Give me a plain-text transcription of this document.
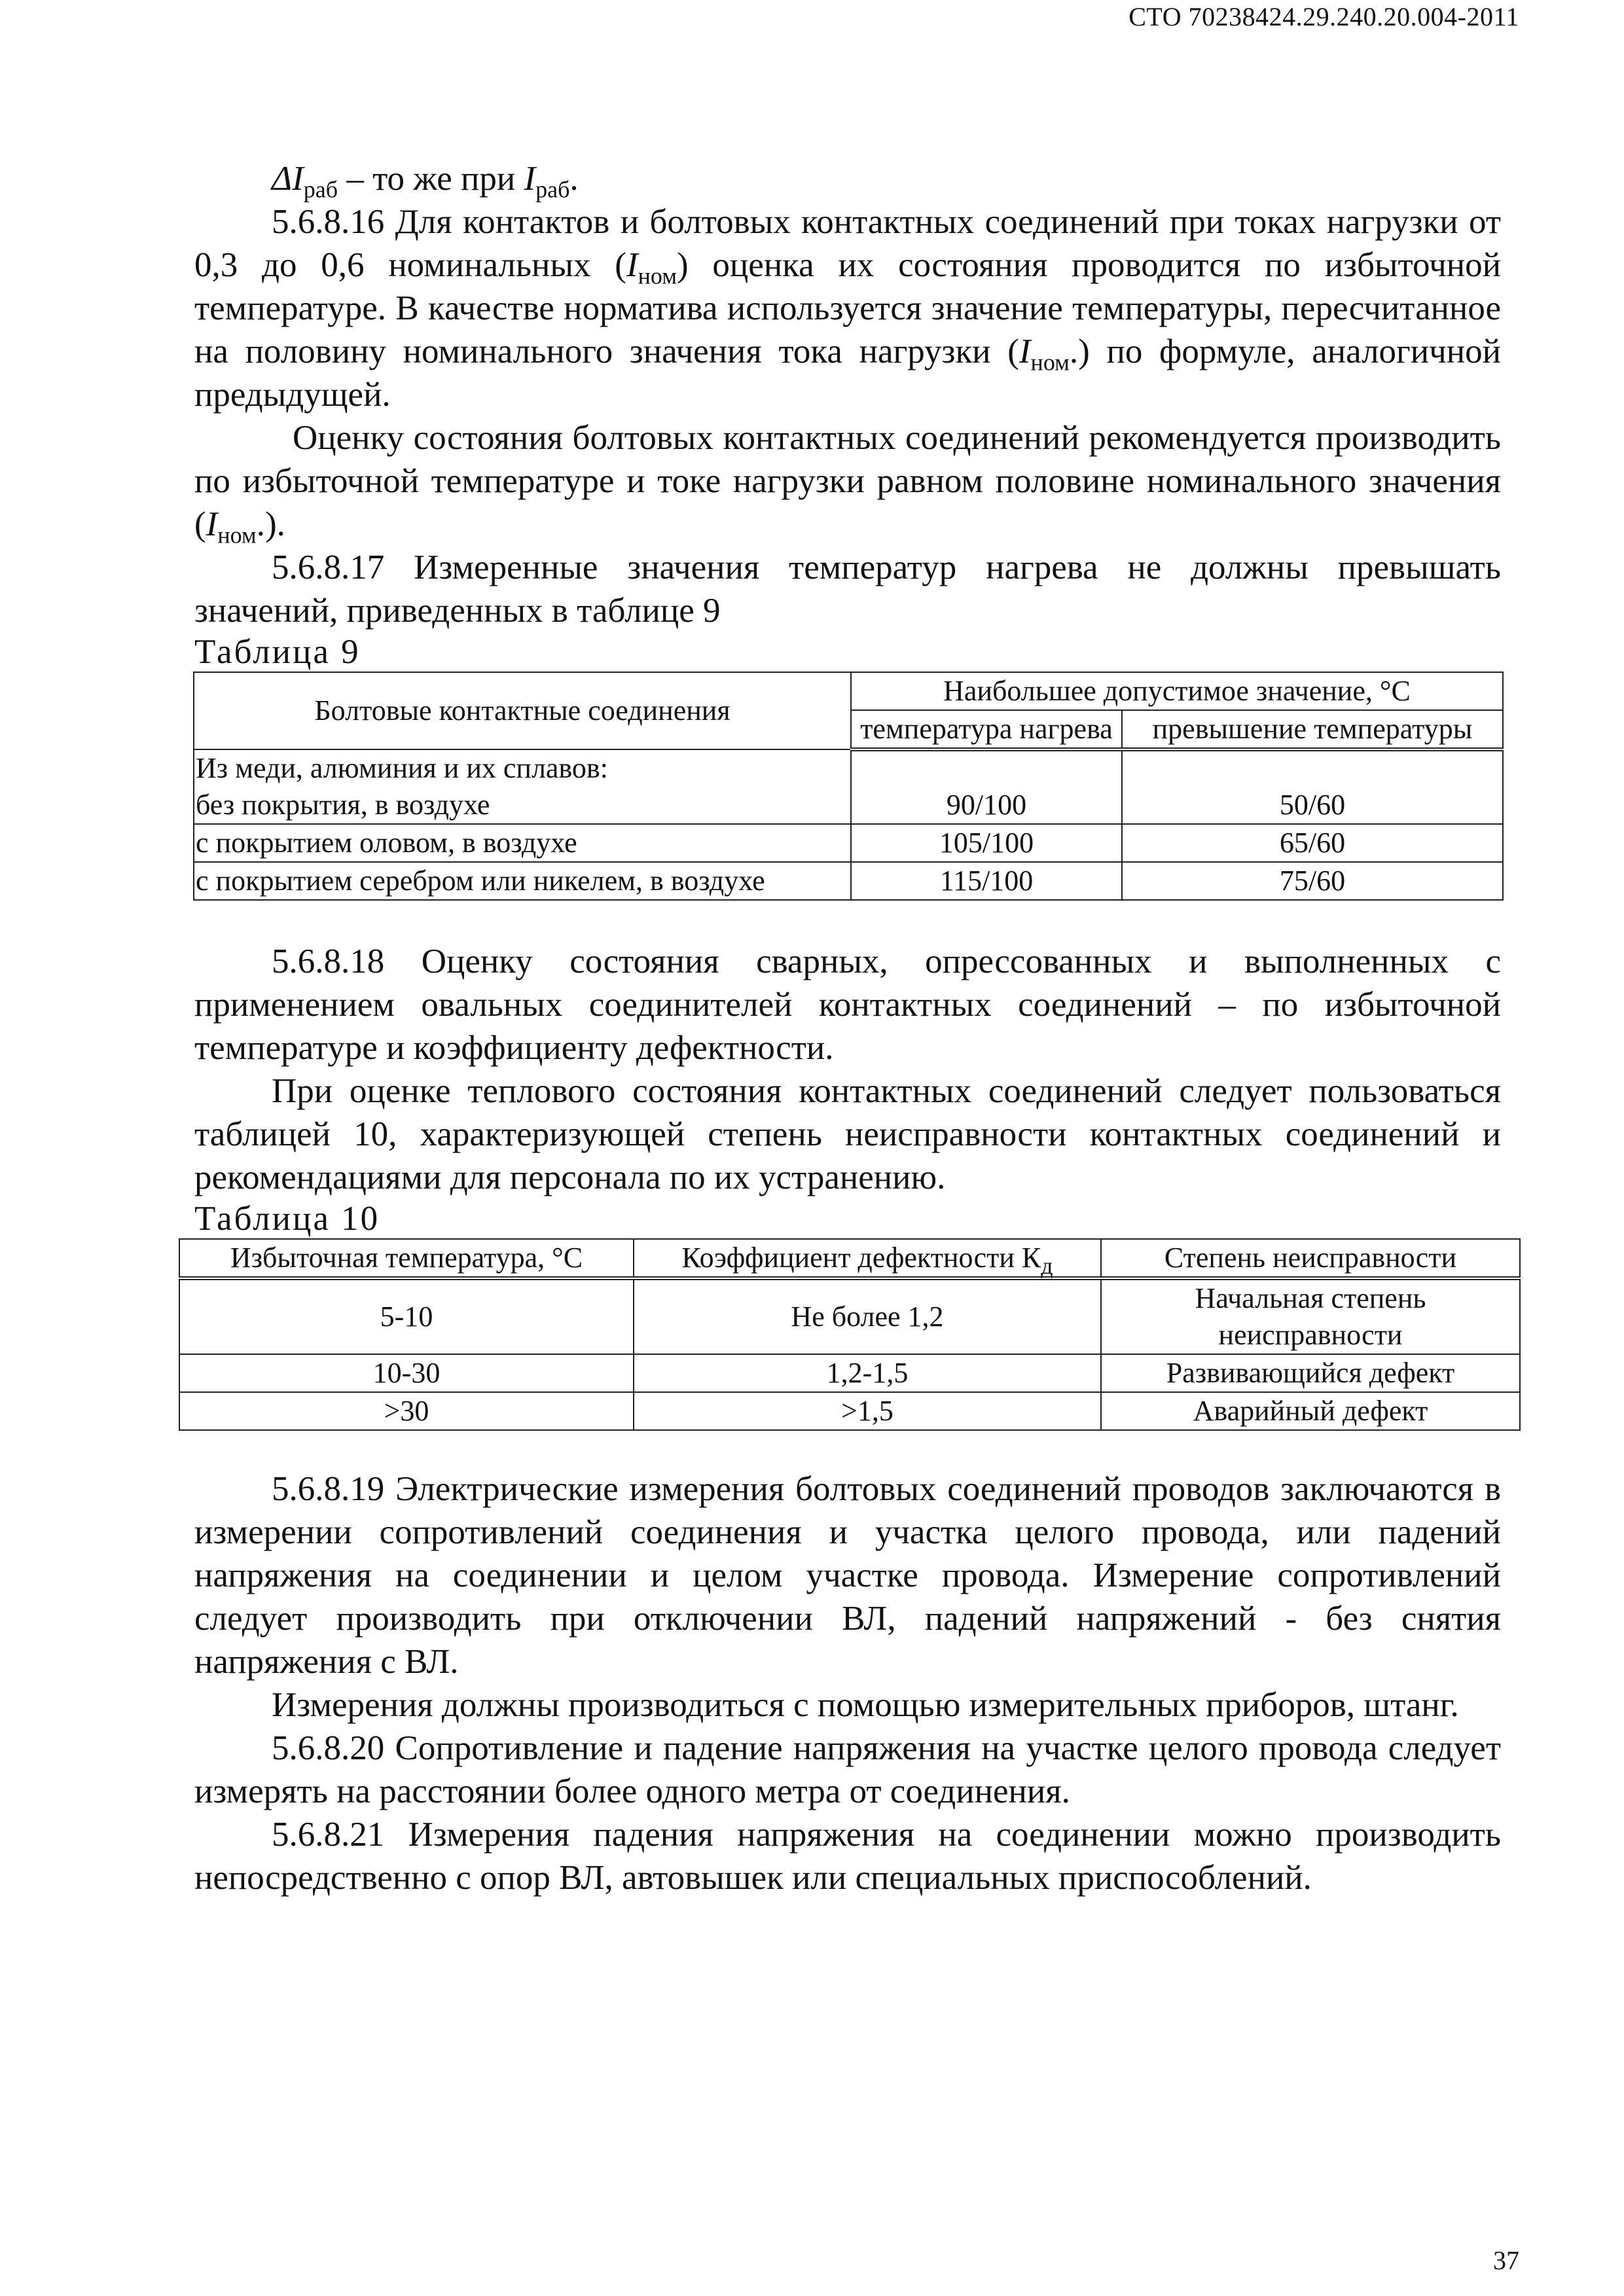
СТО 70238424.29.240.20.004-2011

$\Delta I_{раб}$ – то же при $I_{раб}$.

5.6.8.16 Для контактов и болтовых контактных соединений при токах нагрузки от 0,3 до 0,6 номинальных $(I_{ном})$ оценка их состояния проводится по избыточной температуре. В качестве норматива используется значение температуры, пересчитанное на половину номинального значения тока нагрузки $(I_{ном}.)$ по формуле, аналогичной предыдущей.

Оценку состояния болтовых контактных соединений рекомендуется производить по избыточной температуре и токе нагрузки равном половине номинального значения $(I_{ном}.)$.

5.6.8.17 Измеренные значения температур нагрева не должны превышать значений, приведенных в таблице 9

Таблица 9

Болтовые контактные соединения	Наибольшее допустимое значение, °С	
	температура нагрева	превышение температуры
Из меди, алюминия и их сплавов:
без покрытия, в воздухе	90/100	50/60
с покрытием оловом, в воздухе	105/100	65/60
с покрытием серебром или никелем, в воздухе	115/100	75/60

5.6.8.18 Оценку состояния сварных, опрессованных и выполненных с применением овальных соединителей контактных соединений – по избыточной температуре и коэффициенту дефектности.

При оценке теплового состояния контактных соединений следует пользоваться таблицей 10, характеризующей степень неисправности контактных соединений и рекомендациями для персонала по их устранению.

Таблица 10

Избыточная температура, °С	Коэффициент дефектности $К_д$	Степень неисправности
5-10	Не более 1,2	Начальная степень неисправности
10-30	1,2-1,5	Развивающийся дефект
>30	>1,5	Аварийный дефект

5.6.8.19 Электрические измерения болтовых соединений проводов заключаются в измерении сопротивлений соединения и участка целого провода, или падений напряжения на соединении и целом участке провода. Измерение сопротивлений следует производить при отключении ВЛ, падений напряжений - без снятия напряжения с ВЛ.

Измерения должны производиться с помощью измерительных приборов, штанг.

5.6.8.20 Сопротивление и падение напряжения на участке целого провода следует измерять на расстоянии более одного метра от соединения.

5.6.8.21 Измерения падения напряжения на соединении можно производить непосредственно с опор ВЛ, автовышек или специальных приспособлений.

37
